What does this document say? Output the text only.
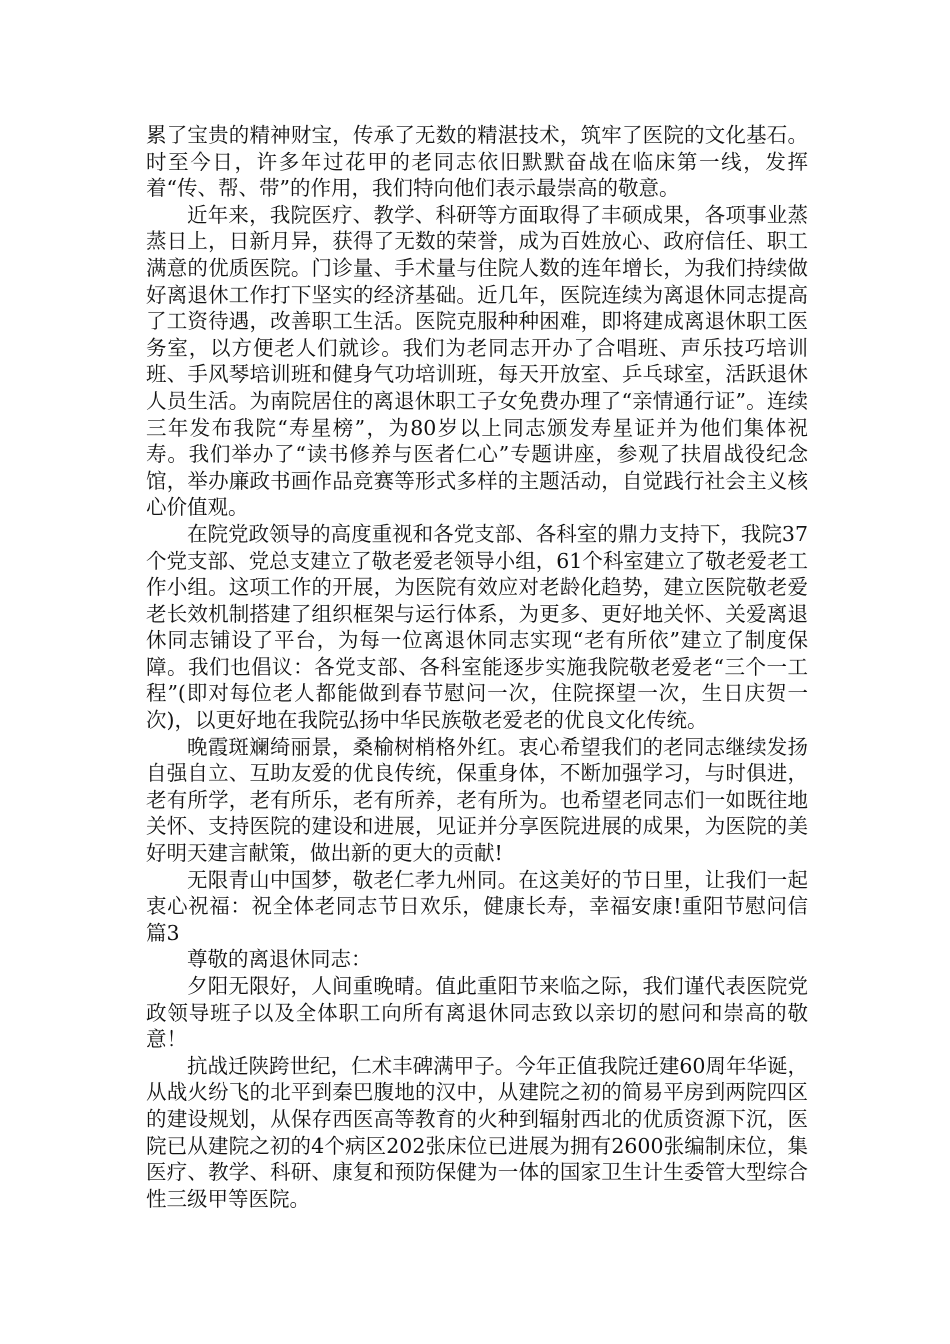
累了宝贵的精神财宝，传承了无数的精湛技术，筑牢了医院的文化基石。时至今日，许多年过花甲的老同志依旧默默奋战在临床第一线，发挥着“传、帮、带”的作用，我们特向他们表示最崇高的敬意。

近年来，我院医疗、教学、科研等方面取得了丰硕成果，各项事业蒸蒸日上，日新月异，获得了无数的荣誉，成为百姓放心、政府信任、职工满意的优质医院。门诊量、手术量与住院人数的连年增长，为我们持续做好离退休工作打下坚实的经济基础。近几年，医院连续为离退休同志提高了工资待遇，改善职工生活。医院克服种种困难，即将建成离退休职工医务室，以方便老人们就诊。我们为老同志开办了合唱班、声乐技巧培训班、手风琴培训班和健身气功培训班，每天开放室、乒乓球室，活跃退休人员生活。为南院居住的离退休职工子女免费办理了“亲情通行证”。连续三年发布我院“寿星榜”，为80岁以上同志颁发寿星证并为他们集体祝寿。我们举办了“读书修养与医者仁心”专题讲座，参观了扶眉战役纪念馆，举办廉政书画作品竞赛等形式多样的主题活动，自觉践行社会主义核心价值观。

在院党政领导的高度重视和各党支部、各科室的鼎力支持下，我院37个党支部、党总支建立了敬老爱老领导小组，61个科室建立了敬老爱老工作小组。这项工作的开展，为医院有效应对老龄化趋势，建立医院敬老爱老长效机制搭建了组织框架与运行体系，为更多、更好地关怀、关爱离退休同志铺设了平台，为每一位离退休同志实现“老有所依”建立了制度保障。我们也倡议：各党支部、各科室能逐步实施我院敬老爱老“三个一工程”(即对每位老人都能做到春节慰问一次，住院探望一次，生日庆贺一次)，以更好地在我院弘扬中华民族敬老爱老的优良文化传统。

晚霞斑斓绮丽景，桑榆树梢格外红。衷心希望我们的老同志继续发扬自强自立、互助友爱的优良传统，保重身体，不断加强学习，与时俱进，老有所学，老有所乐，老有所养，老有所为。也希望老同志们一如既往地关怀、支持医院的建设和进展，见证并分享医院进展的成果，为医院的美好明天建言献策，做出新的更大的贡献!

无限青山中国梦，敬老仁孝九州同。在这美好的节日里，让我们一起衷心祝福：祝全体老同志节日欢乐，健康长寿，幸福安康!重阳节慰问信 篇3

尊敬的离退休同志：

夕阳无限好，人间重晚晴。值此重阳节来临之际，我们谨代表医院党政领导班子以及全体职工向所有离退休同志致以亲切的慰问和崇高的敬意！

抗战迁陕跨世纪，仁术丰碑满甲子。今年正值我院迁建60周年华诞，从战火纷飞的北平到秦巴腹地的汉中，从建院之初的简易平房到两院四区的建设规划，从保存西医高等教育的火种到辐射西北的优质资源下沉，医院已从建院之初的4个病区202张床位已进展为拥有2600张编制床位，集医疗、教学、科研、康复和预防保健为一体的国家卫生计生委管大型综合性三级甲等医院。
